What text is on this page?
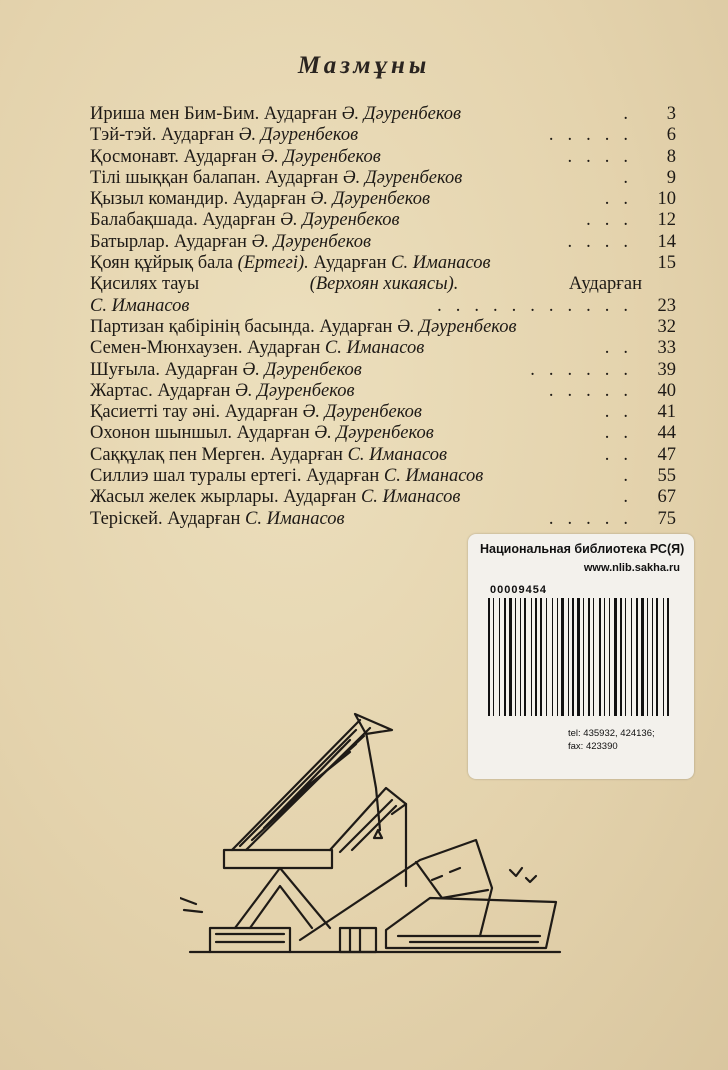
Мазмұны
Ириша мен Бим-Бим. Аударған Ә. Дәуренбеков	.	3
Тэй-тэй. Аударған Ә. Дәуренбеков	.....	6
Қосмонавт. Аударған Ә. Дәуренбеков	....	8
Тілі шыққан балапан. Аударған Ә. Дәуренбеков	.	9
Қызыл командир. Аударған Ә. Дәуренбеков	.. 10
Балабақшада. Аударған Ә. Дәуренбеков	... 12
Батырлар. Аударған Ә. Дәуренбеков	.... 14
Қоян құйрық бала (Ертегі). Аударған С. Иманасов	15
Қисилях тауы	(Верхоян хикаясы).	Аударған
С. Иманасов	........... 23
Партизан қабірінің басында. Аударған Ә. Дәуренбеков	32
Семен-Мюнхаузен. Аударған С. Иманасов	.. 33
Шуғыла. Аударған Ә. Дәуренбеков	...... 39
Жартас. Аударған Ә. Дәуренбеков	..... 40
Қасиетті тау әні. Аударған Ә. Дәуренбеков	.. 41
Охонон шыншыл. Аударған Ә. Дәуренбеков	.. 44
Саққұлақ пен Мерген. Аударған С. Иманасов	.. 47
Силлиэ шал туралы ертегі. Аударған С. Иманасов	. 55
Жасыл желек жырлары. Аударған С. Иманасов	. 67
Теріскей. Аударған С. Иманасов	..... 75
Национальная библиотека РС(Я)
www.nlib.sakha.ru
00009454
tel: 435932, 424136;
fax: 423390
